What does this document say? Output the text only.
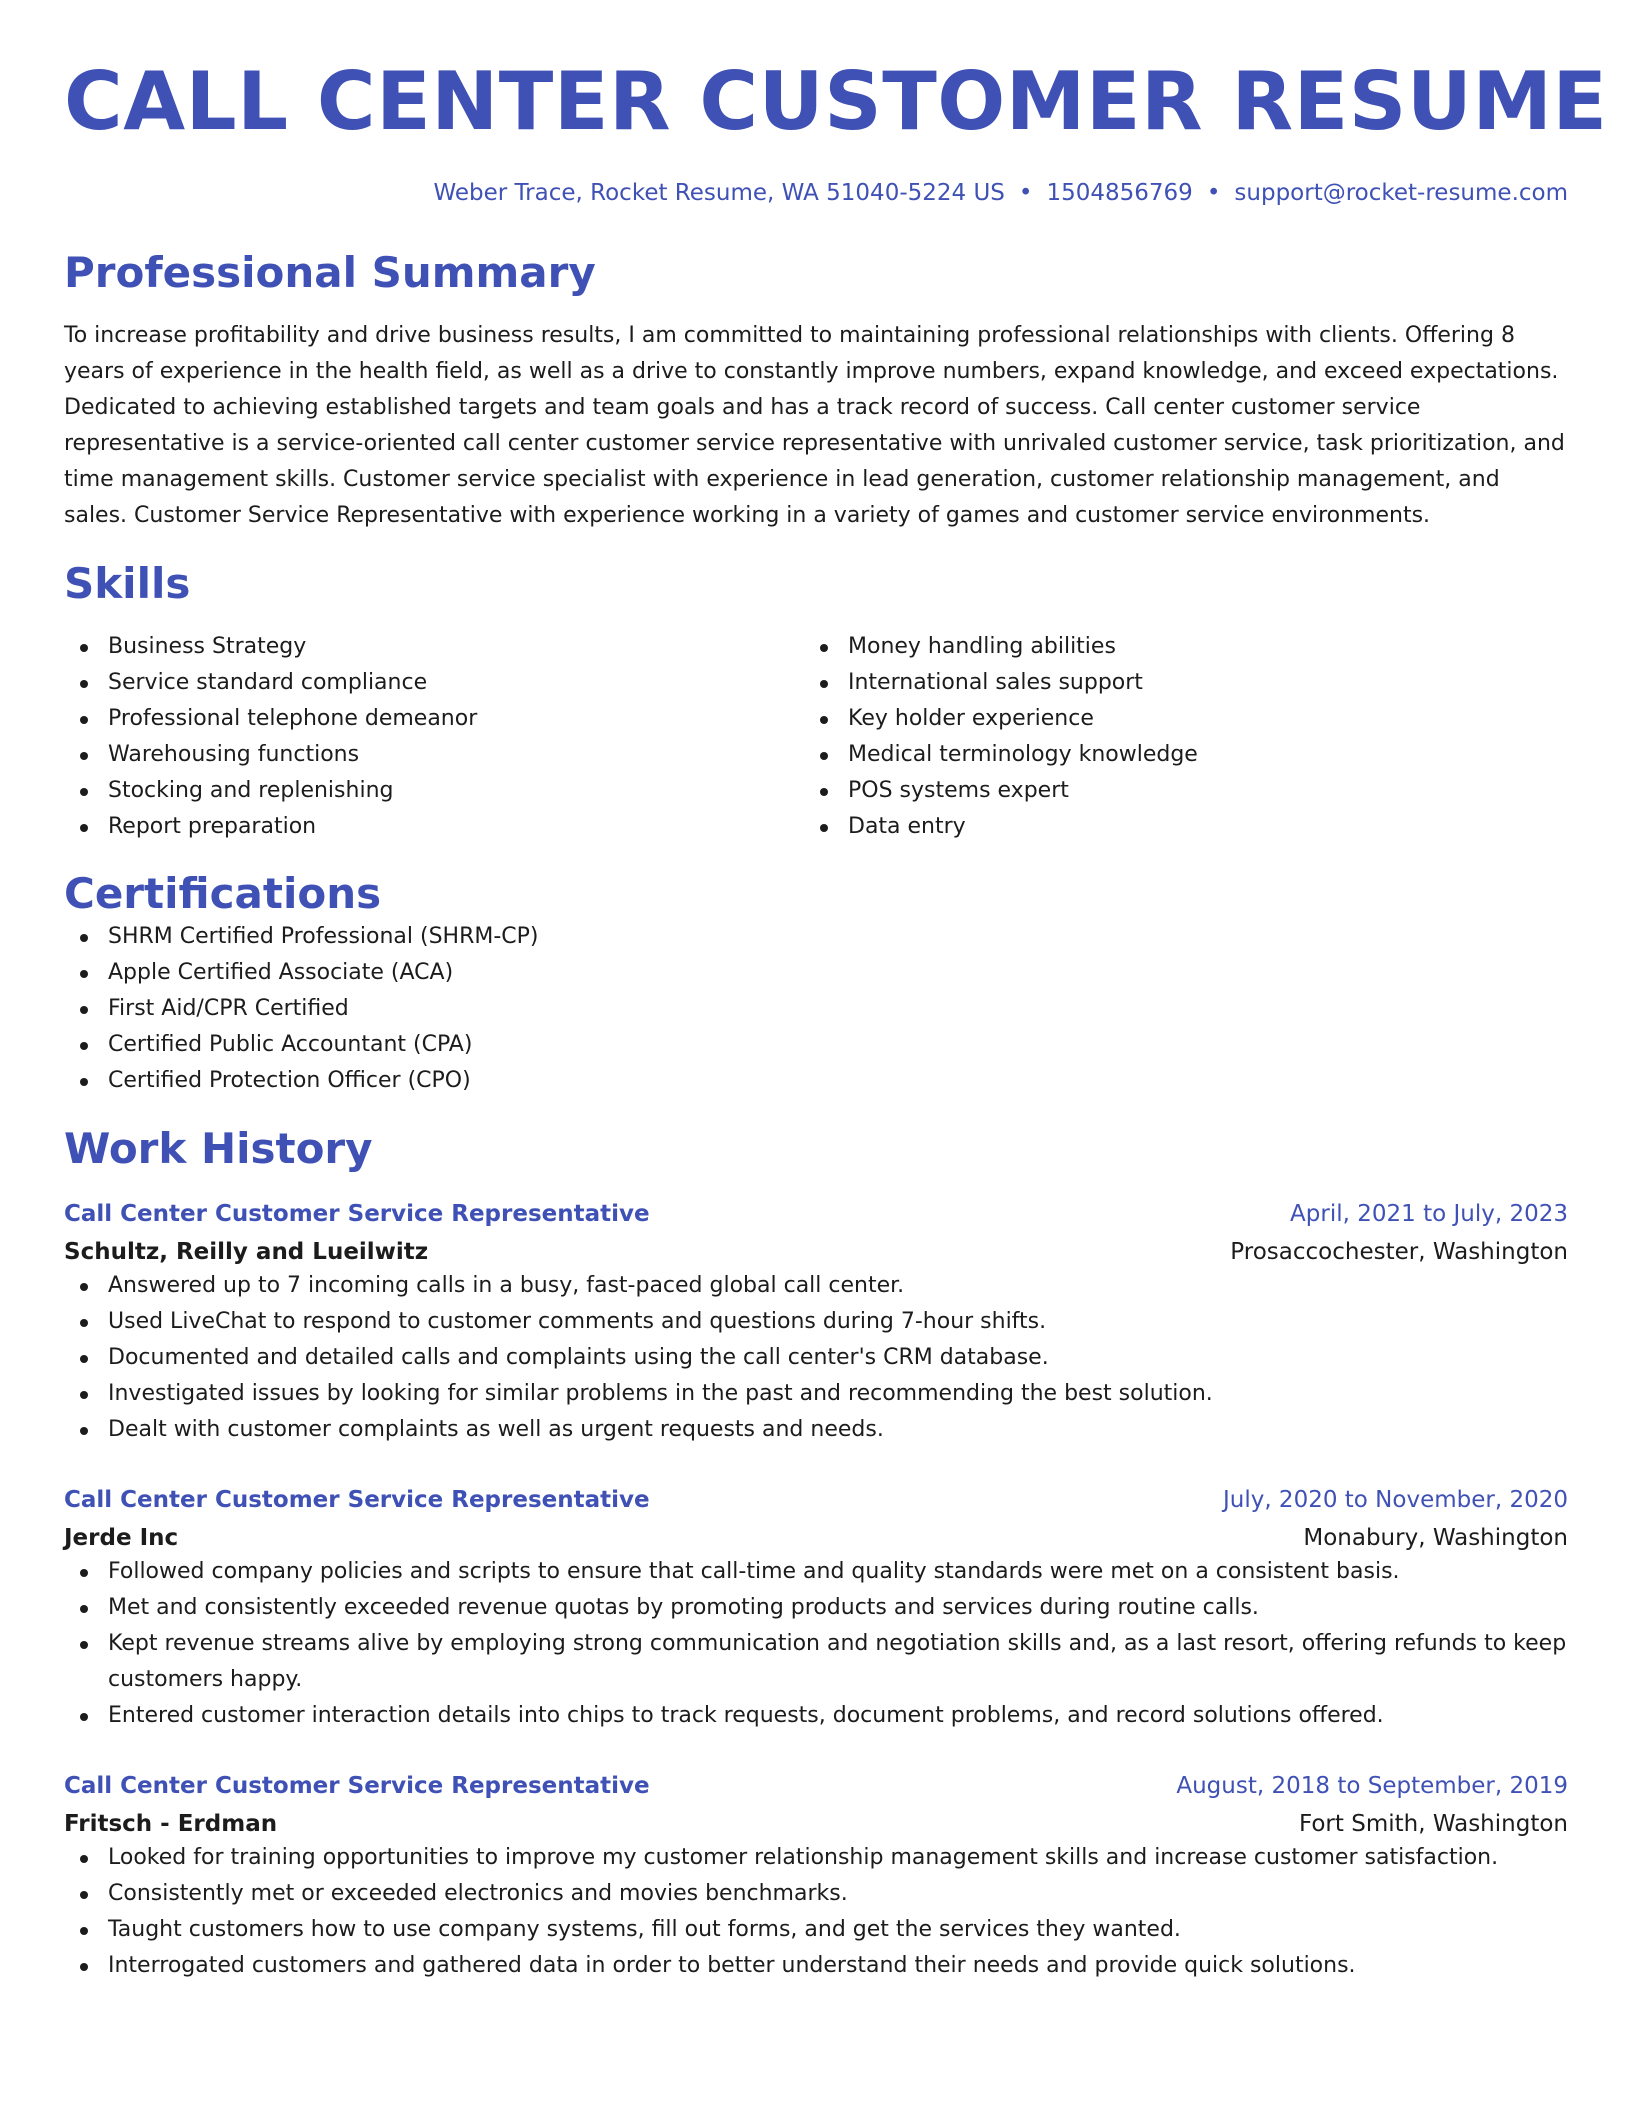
CALL CENTER CUSTOMER RESUME
Weber Trace, Rocket Resume, WA 51040-5224 US • 1504856769 • support@rocket-resume.com
Professional Summary
To increase profitability and drive business results, I am committed to maintaining professional relationships with clients. Offering 8 years of experience in the health field, as well as a drive to constantly improve numbers, expand knowledge, and exceed expectations. Dedicated to achieving established targets and team goals and has a track record of success. Call center customer service representative is a service-oriented call center customer service representative with unrivaled customer service, task prioritization, and time management skills. Customer service specialist with experience in lead generation, customer relationship management, and sales. Customer Service Representative with experience working in a variety of games and customer service environments.
Skills
Business Strategy
Service standard compliance
Professional telephone demeanor
Warehousing functions
Stocking and replenishing
Report preparation
Money handling abilities
International sales support
Key holder experience
Medical terminology knowledge
POS systems expert
Data entry
Certifications
SHRM Certified Professional (SHRM-CP)
Apple Certified Associate (ACA)
First Aid/CPR Certified
Certified Public Accountant (CPA)
Certified Protection Officer (CPO)
Work History
Call Center Customer Service Representative	April, 2021 to July, 2023
Schultz, Reilly and Lueilwitz	Prosaccochester, Washington
Answered up to 7 incoming calls in a busy, fast-paced global call center.
Used LiveChat to respond to customer comments and questions during 7-hour shifts.
Documented and detailed calls and complaints using the call center's CRM database.
Investigated issues by looking for similar problems in the past and recommending the best solution.
Dealt with customer complaints as well as urgent requests and needs.
Call Center Customer Service Representative	July, 2020 to November, 2020
Jerde Inc	Monabury, Washington
Followed company policies and scripts to ensure that call-time and quality standards were met on a consistent basis.
Met and consistently exceeded revenue quotas by promoting products and services during routine calls.
Kept revenue streams alive by employing strong communication and negotiation skills and, as a last resort, offering refunds to keep customers happy.
Entered customer interaction details into chips to track requests, document problems, and record solutions offered.
Call Center Customer Service Representative	August, 2018 to September, 2019
Fritsch - Erdman	Fort Smith, Washington
Looked for training opportunities to improve my customer relationship management skills and increase customer satisfaction.
Consistently met or exceeded electronics and movies benchmarks.
Taught customers how to use company systems, fill out forms, and get the services they wanted.
Interrogated customers and gathered data in order to better understand their needs and provide quick solutions.
